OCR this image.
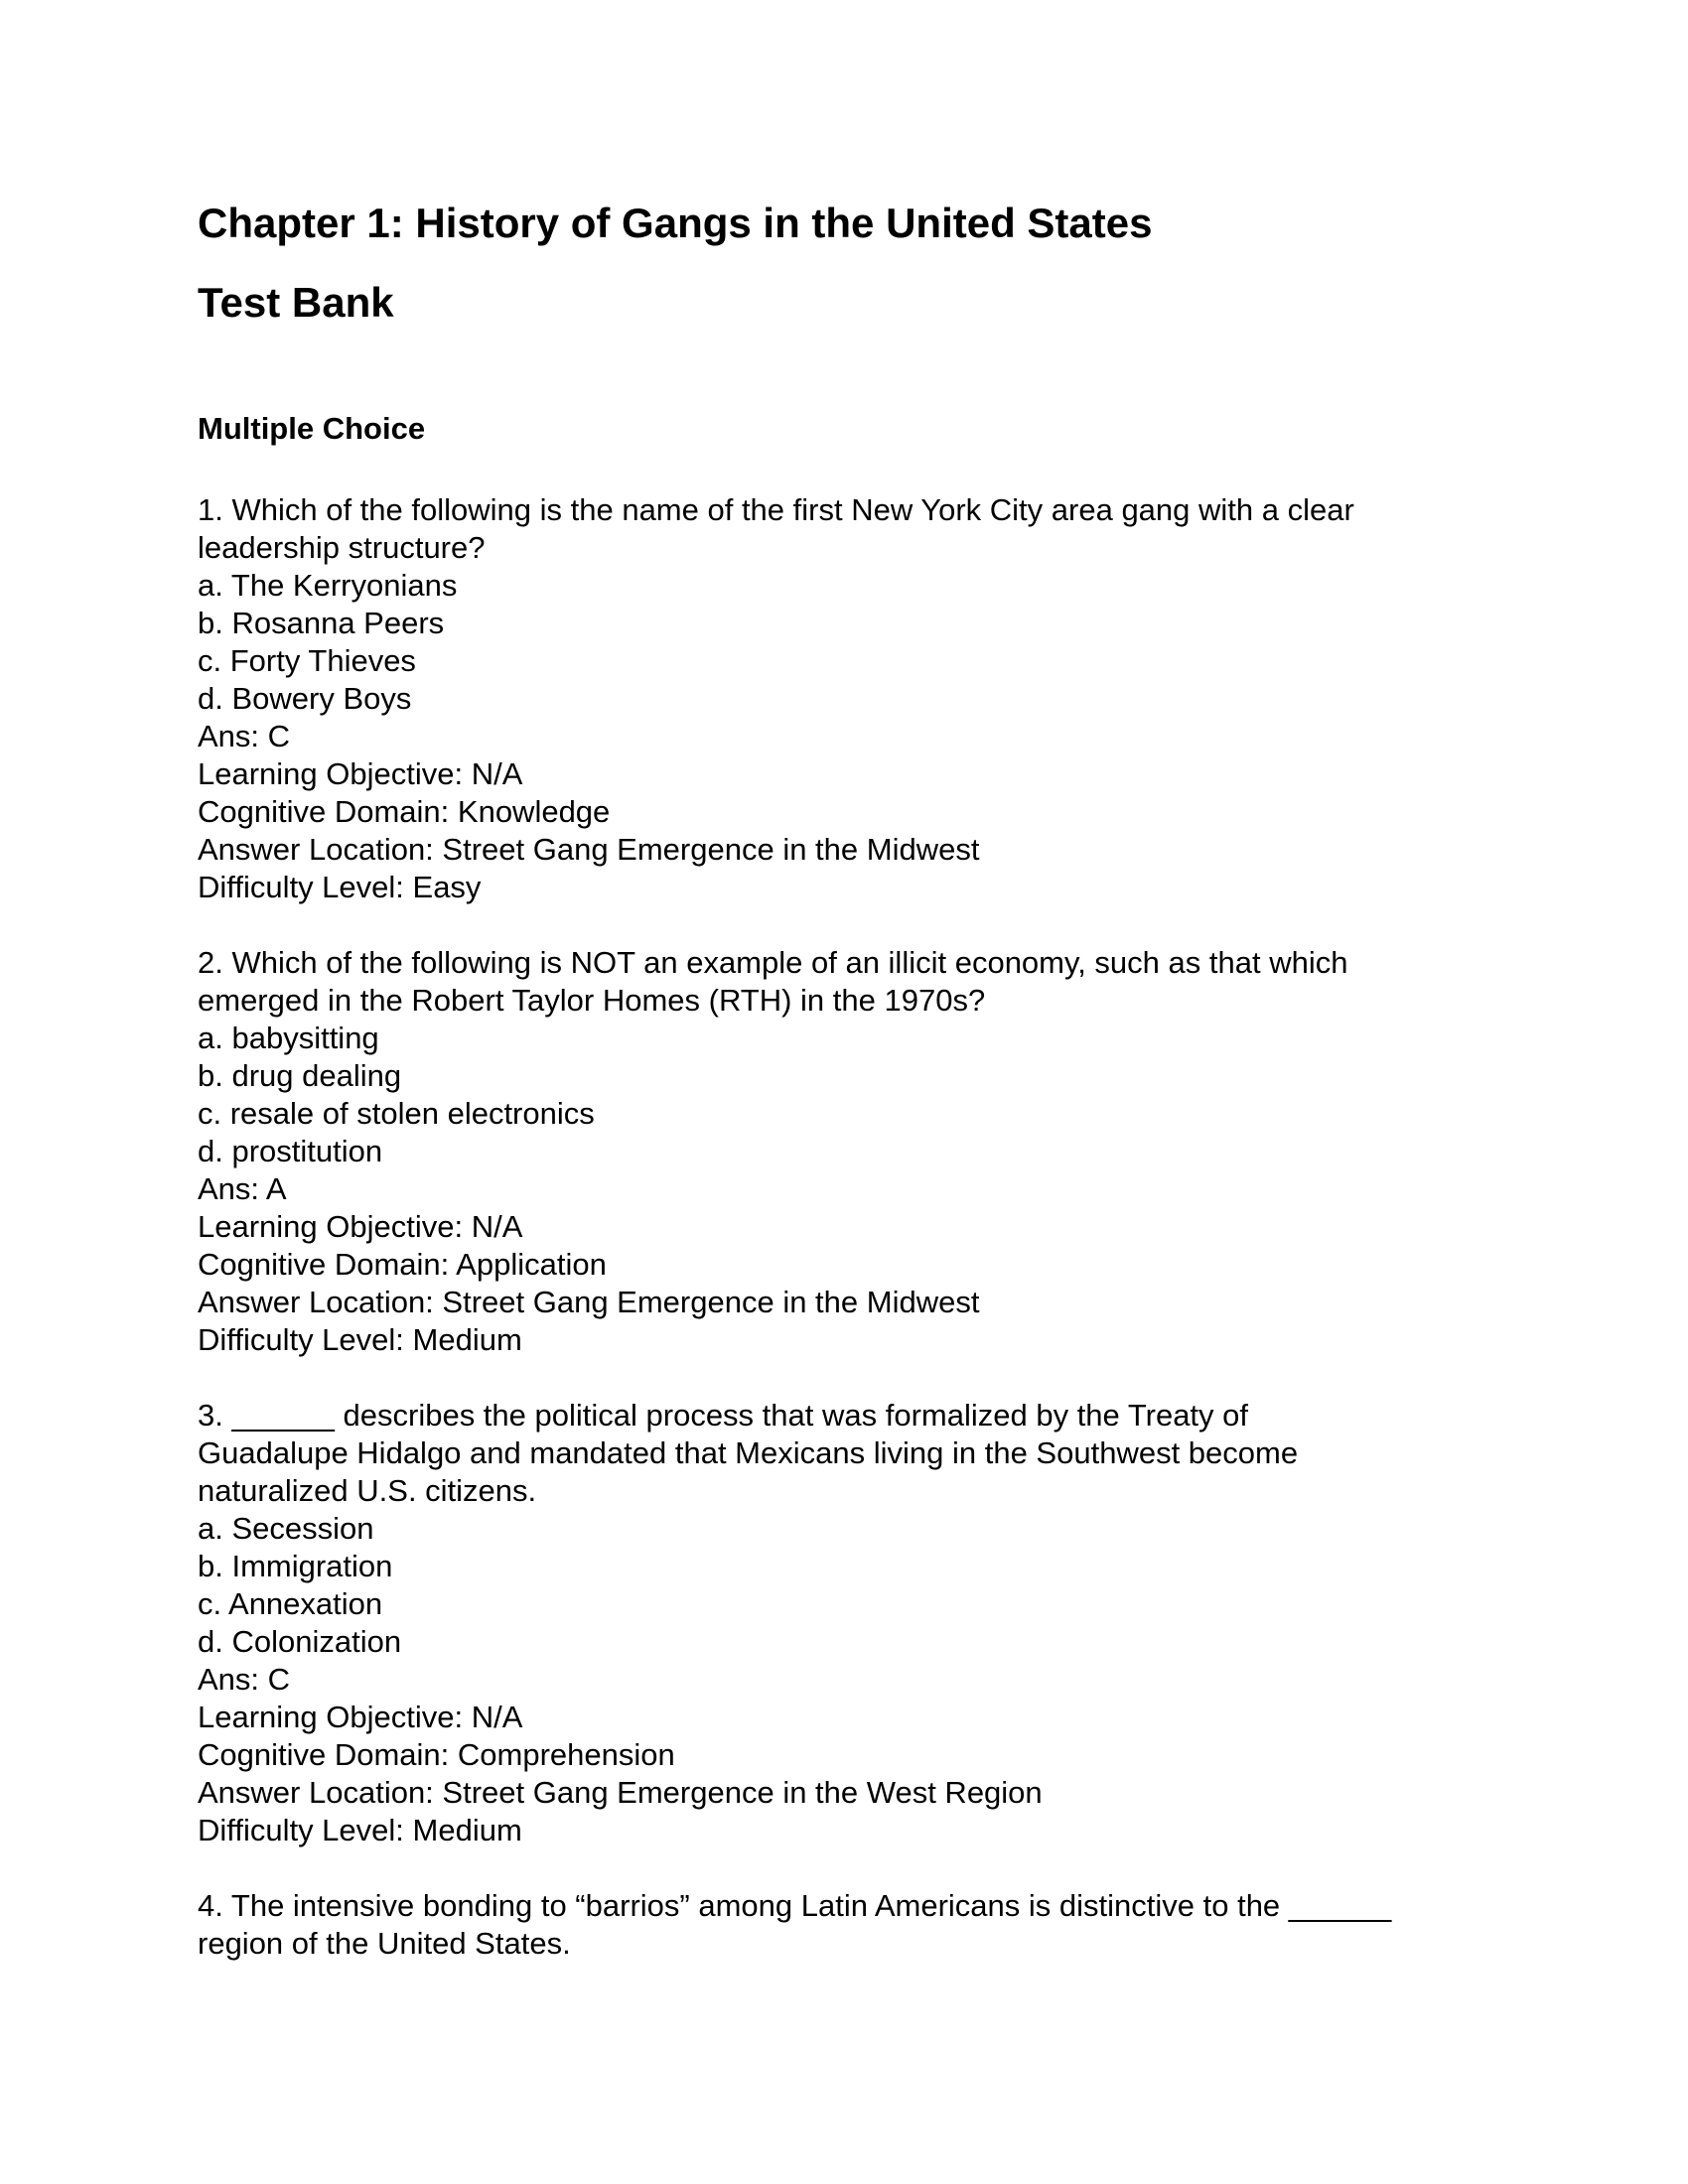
Chapter 1: History of Gangs in the United States
Test Bank
Multiple Choice
1. Which of the following is the name of the first New York City area gang with a clear
leadership structure?
a. The Kerryonians
b. Rosanna Peers
c. Forty Thieves
d. Bowery Boys
Ans: C
Learning Objective: N/A
Cognitive Domain: Knowledge
Answer Location: Street Gang Emergence in the Midwest
Difficulty Level: Easy
2. Which of the following is NOT an example of an illicit economy, such as that which
emerged in the Robert Taylor Homes (RTH) in the 1970s?
a. babysitting
b. drug dealing
c. resale of stolen electronics
d. prostitution
Ans: A
Learning Objective: N/A
Cognitive Domain: Application
Answer Location: Street Gang Emergence in the Midwest
Difficulty Level: Medium
3. ______ describes the political process that was formalized by the Treaty of
Guadalupe Hidalgo and mandated that Mexicans living in the Southwest become
naturalized U.S. citizens.
a. Secession
b. Immigration
c. Annexation
d. Colonization
Ans: C
Learning Objective: N/A
Cognitive Domain: Comprehension
Answer Location: Street Gang Emergence in the West Region
Difficulty Level: Medium
4. The intensive bonding to “barrios” among Latin Americans is distinctive to the ______
region of the United States.
